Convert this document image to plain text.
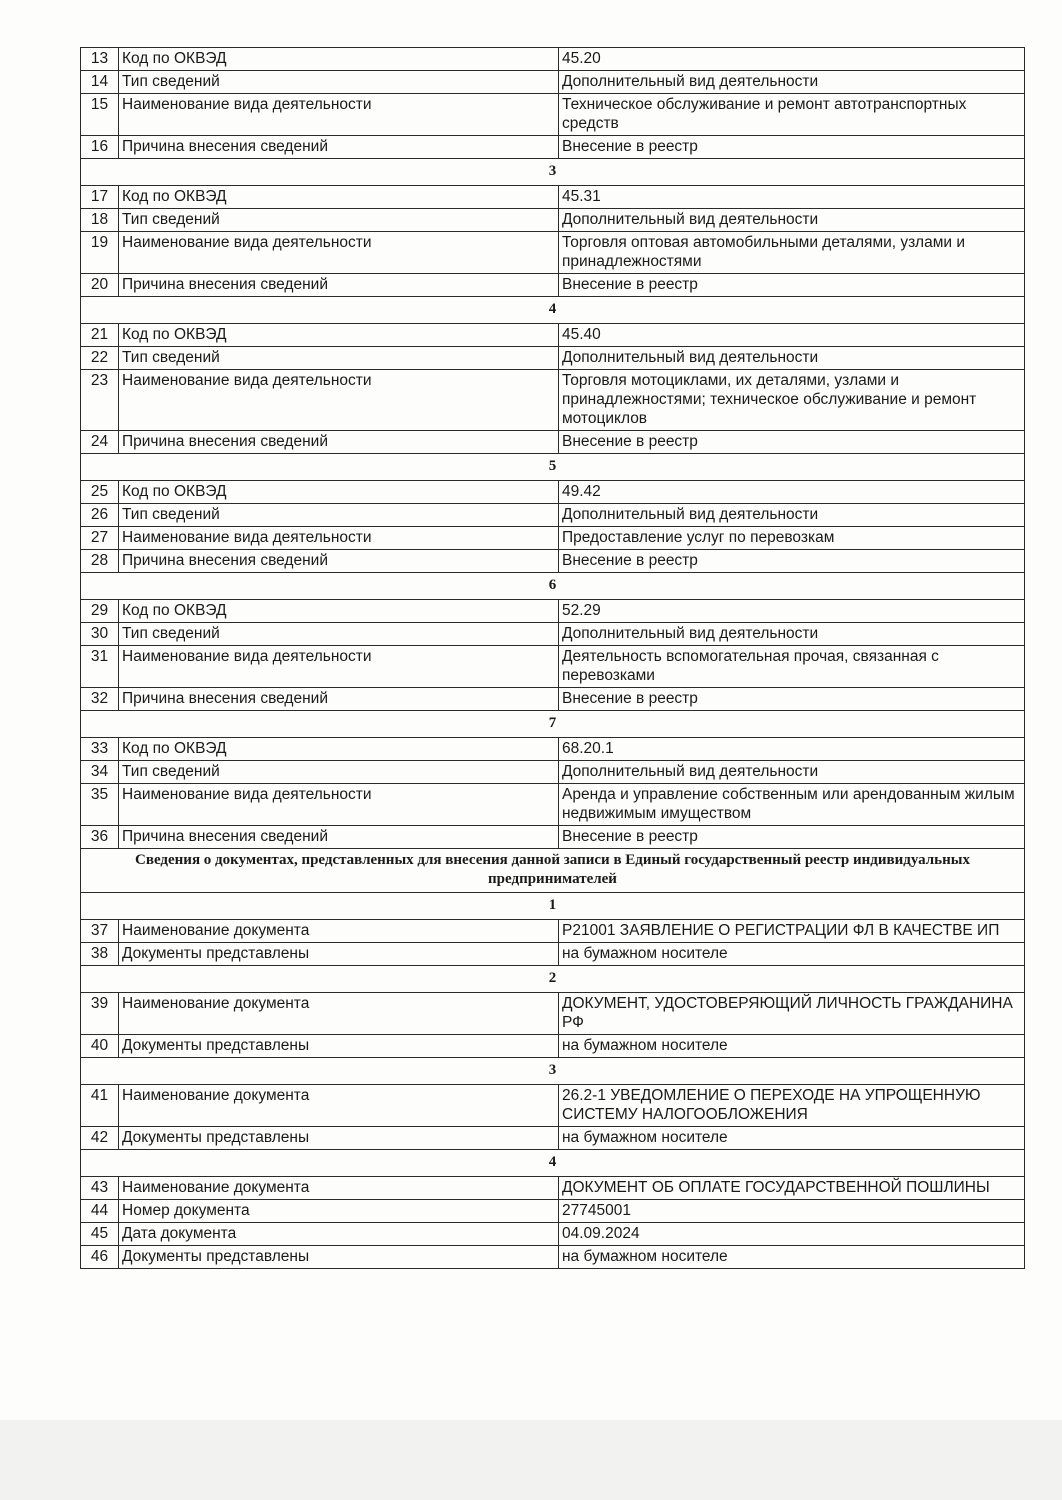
13	Код по ОКВЭД	45.20
14	Тип сведений	Дополнительный вид деятельности
15	Наименование вида деятельности	Техническое обслуживание и ремонт автотранспортных средств
16	Причина внесения сведений	Внесение в реестр
3		
17	Код по ОКВЭД	45.31
18	Тип сведений	Дополнительный вид деятельности
19	Наименование вида деятельности	Торговля оптовая автомобильными деталями, узлами и принадлежностями
20	Причина внесения сведений	Внесение в реестр
4		
21	Код по ОКВЭД	45.40
22	Тип сведений	Дополнительный вид деятельности
23	Наименование вида деятельности	Торговля мотоциклами, их деталями, узлами и принадлежностями; техническое обслуживание и ремонт мотоциклов
24	Причина внесения сведений	Внесение в реестр
5		
25	Код по ОКВЭД	49.42
26	Тип сведений	Дополнительный вид деятельности
27	Наименование вида деятельности	Предоставление услуг по перевозкам
28	Причина внесения сведений	Внесение в реестр
6		
29	Код по ОКВЭД	52.29
30	Тип сведений	Дополнительный вид деятельности
31	Наименование вида деятельности	Деятельность вспомогательная прочая, связанная с перевозками
32	Причина внесения сведений	Внесение в реестр
7		
33	Код по ОКВЭД	68.20.1
34	Тип сведений	Дополнительный вид деятельности
35	Наименование вида деятельности	Аренда и управление собственным или арендованным жилым недвижимым имуществом
36	Причина внесения сведений	Внесение в реестр
Сведения о документах, представленных для внесения данной записи в Единый государственный реестр индивидуальных предпринимателей		
1		
37	Наименование документа	Р21001 ЗАЯВЛЕНИЕ О РЕГИСТРАЦИИ ФЛ В КАЧЕСТВЕ ИП
38	Документы представлены	на бумажном носителе
2		
39	Наименование документа	ДОКУМЕНТ, УДОСТОВЕРЯЮЩИЙ ЛИЧНОСТЬ ГРАЖДАНИНА РФ
40	Документы представлены	на бумажном носителе
3		
41	Наименование документа	26.2-1 УВЕДОМЛЕНИЕ О ПЕРЕХОДЕ НА УПРОЩЕННУЮ СИСТЕМУ НАЛОГООБЛОЖЕНИЯ
42	Документы представлены	на бумажном носителе
4		
43	Наименование документа	ДОКУМЕНТ ОБ ОПЛАТЕ ГОСУДАРСТВЕННОЙ ПОШЛИНЫ
44	Номер документа	27745001
45	Дата документа	04.09.2024
46	Документы представлены	на бумажном носителе
